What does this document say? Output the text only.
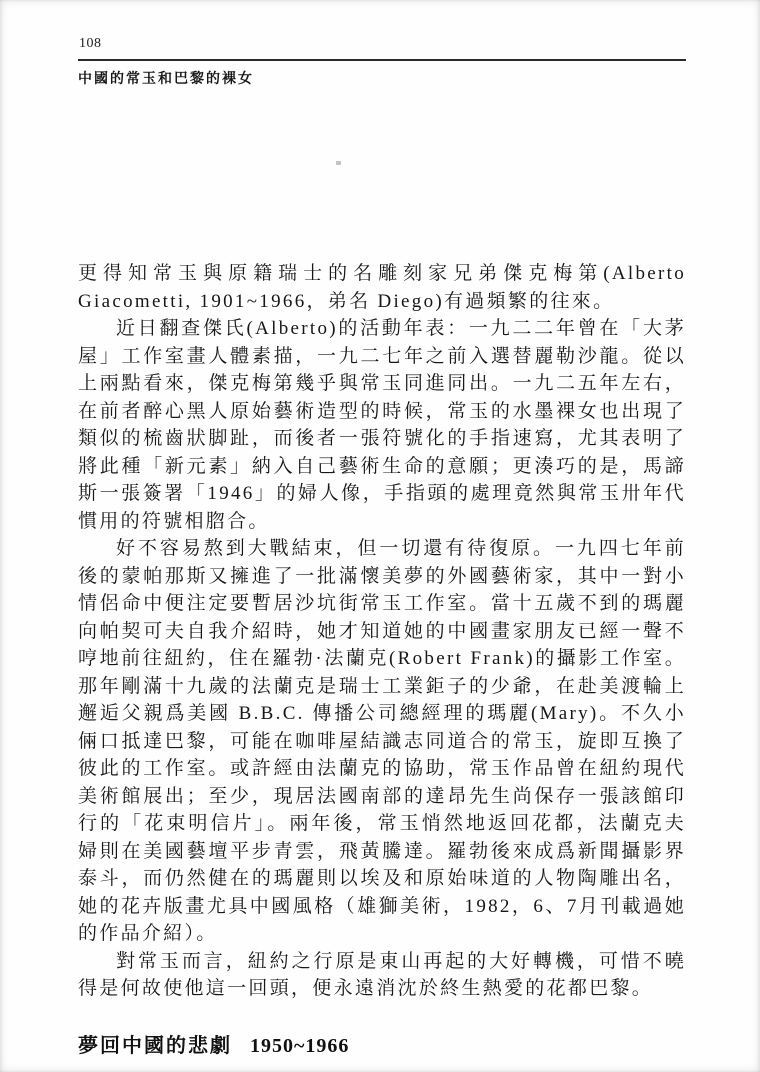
108
中國的常玉和巴黎的裸女

更得知常玉與原籍瑞士的名雕刻家兄弟傑克梅第(Alberto Giacometti, 1901~1966，弟名 Diego)有過頻繁的往來。

近日翻查傑氏(Alberto)的活動年表：一九二二年曾在「大茅屋」工作室畫人體素描，一九二七年之前入選替麗勒沙龍。從以上兩點看來，傑克梅第幾乎與常玉同進同出。一九二五年左右，在前者醉心黑人原始藝術造型的時候，常玉的水墨裸女也出現了類似的梳齒狀脚趾，而後者一張符號化的手指速寫，尤其表明了將此種「新元素」納入自己藝術生命的意願；更湊巧的是，馬諦斯一張簽署「1946」的婦人像，手指頭的處理竟然與常玉卅年代慣用的符號相脗合。

好不容易熬到大戰結束，但一切還有待復原。一九四七年前後的蒙帕那斯又擁進了一批滿懷美夢的外國藝術家，其中一對小情侶命中便注定要暫居沙坑街常玉工作室。當十五歲不到的瑪麗向帕契可夫自我介紹時，她才知道她的中國畫家朋友已經一聲不哼地前往紐約，住在羅勃·法蘭克(Robert Frank)的攝影工作室。那年剛滿十九歲的法蘭克是瑞士工業鉅子的少爺，在赴美渡輪上邂逅父親爲美國 B.B.C. 傳播公司總經理的瑪麗(Mary)。不久小倆口抵達巴黎，可能在咖啡屋結識志同道合的常玉，旋即互換了彼此的工作室。或許經由法蘭克的協助，常玉作品曾在紐約現代美術館展出；至少，現居法國南部的達昂先生尚保存一張該館印行的「花束明信片」。兩年後，常玉悄然地返回花都，法蘭克夫婦則在美國藝壇平步青雲，飛黃騰達。羅勃後來成爲新聞攝影界泰斗，而仍然健在的瑪麗則以埃及和原始味道的人物陶雕出名，她的花卉版畫尤具中國風格（雄獅美術，1982，6、7月刊載過她的作品介紹）。

對常玉而言，紐約之行原是東山再起的大好轉機，可惜不曉得是何故使他這一回頭，便永遠消沈於終生熱愛的花都巴黎。

夢回中國的悲劇 1950~1966
